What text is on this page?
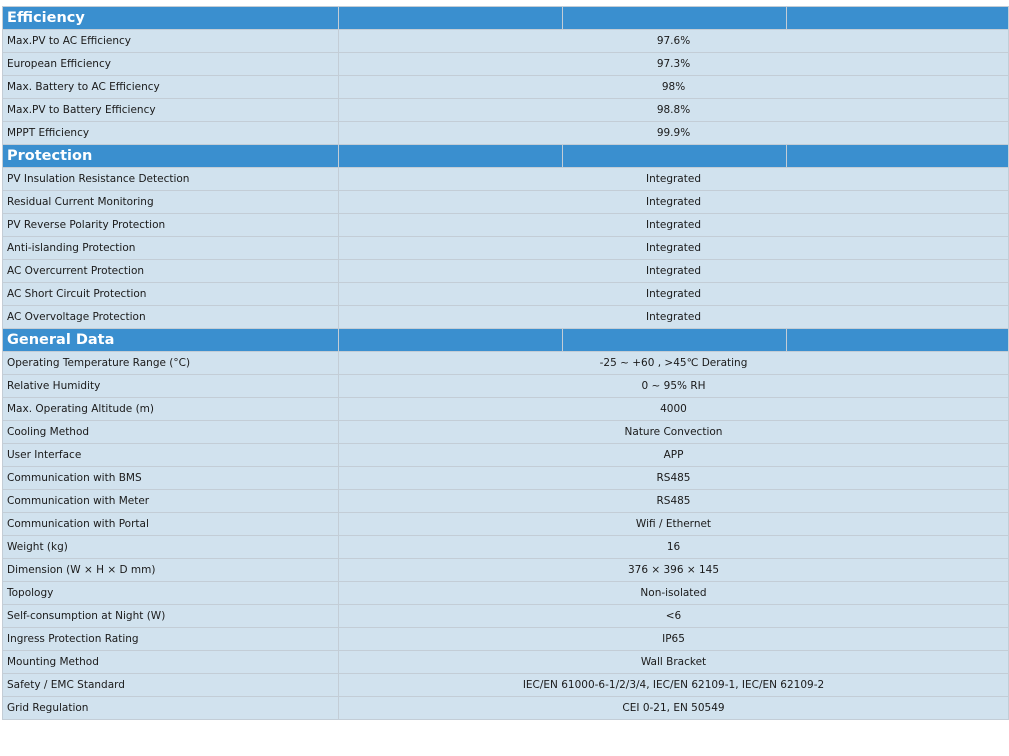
Efficiency			
Max.PV to AC Efficiency	97.6%		
European Efficiency	97.3%		
Max. Battery to AC Efficiency	98%		
Max.PV to Battery Efficiency	98.8%		
MPPT Efficiency	99.9%		
Protection			
PV Insulation Resistance Detection	Integrated		
Residual Current Monitoring	Integrated		
PV Reverse Polarity Protection	Integrated		
Anti-islanding Protection	Integrated		
AC Overcurrent Protection	Integrated		
AC Short Circuit Protection	Integrated		
AC Overvoltage Protection	Integrated		
General Data			
Operating Temperature Range (°C)	-25 ~ +60 , >45℃ Derating		
Relative Humidity	0 ~ 95% RH		
Max. Operating Altitude (m)	4000		
Cooling Method	Nature Convection		
User Interface	APP		
Communication with BMS	RS485		
Communication with Meter	RS485		
Communication with Portal	Wifi / Ethernet		
Weight (kg)	16		
Dimension (W × H × D mm)	376 × 396 × 145		
Topology	Non-isolated		
Self-consumption at Night (W)	<6		
Ingress Protection Rating	IP65		
Mounting Method	Wall Bracket		
Safety / EMC Standard	IEC/EN 61000-6-1/2/3/4, IEC/EN 62109-1, IEC/EN 62109-2		
Grid Regulation	CEI 0-21, EN 50549		
